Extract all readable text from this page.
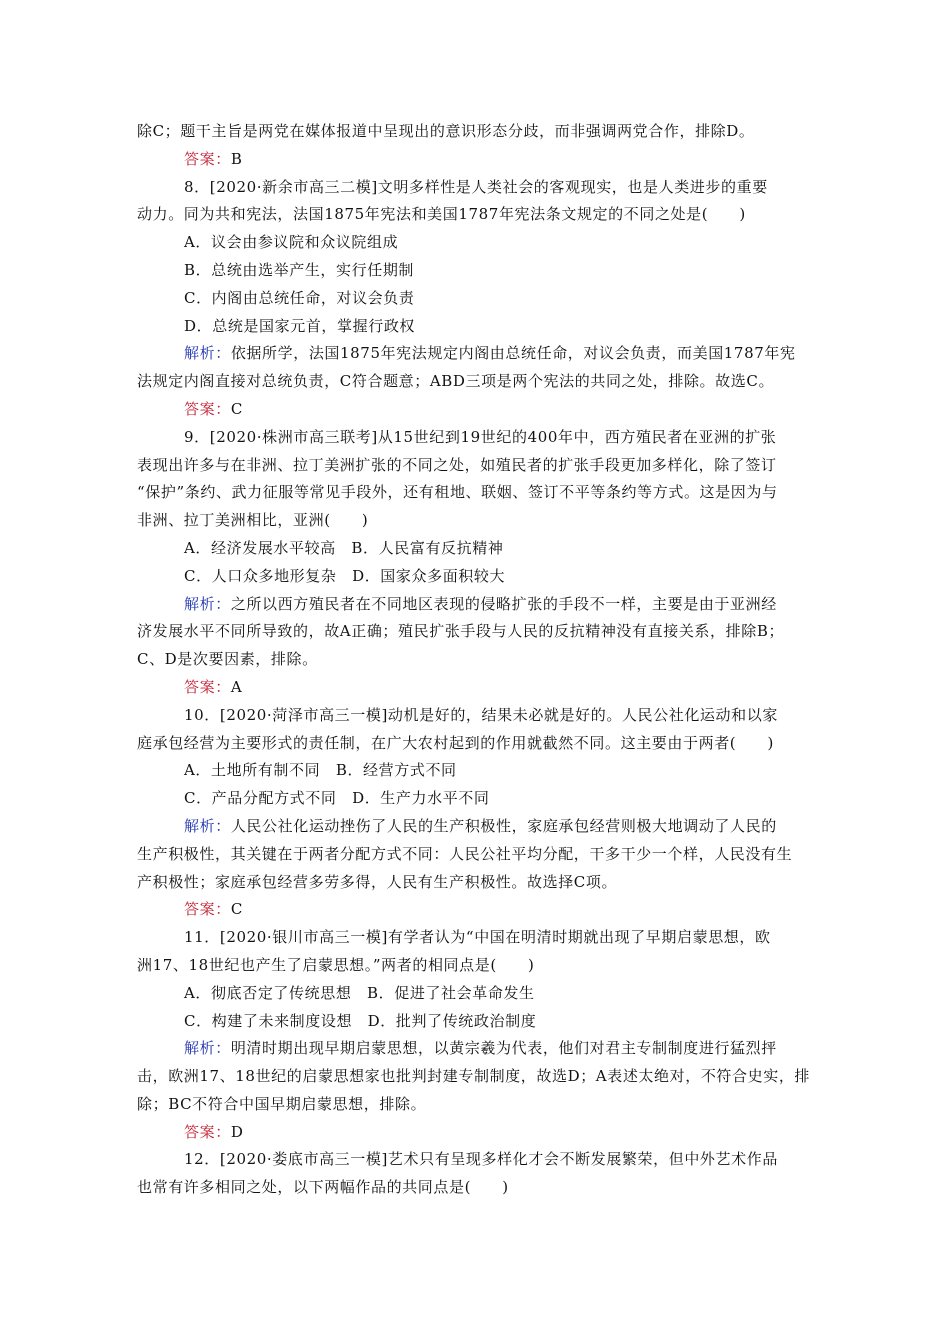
除C；题干主旨是两党在媒体报道中呈现出的意识形态分歧，而非强调两党合作，排除D。
答案：B
8．[2020·新余市高三二模]文明多样性是人类社会的客观现实，也是人类进步的重要
动力。同为共和宪法，法国1875年宪法和美国1787年宪法条文规定的不同之处是(　　)
A．议会由参议院和众议院组成
B．总统由选举产生，实行任期制
C．内阁由总统任命，对议会负责
D．总统是国家元首，掌握行政权
解析：依据所学，法国1875年宪法规定内阁由总统任命，对议会负责，而美国1787年宪
法规定内阁直接对总统负责，C符合题意；ABD三项是两个宪法的共同之处，排除。故选C。
答案：C
9．[2020·株洲市高三联考]从15世纪到19世纪的400年中，西方殖民者在亚洲的扩张
表现出许多与在非洲、拉丁美洲扩张的不同之处，如殖民者的扩张手段更加多样化，除了签订
“保护”条约、武力征服等常见手段外，还有租地、联姻、签订不平等条约等方式。这是因为与
非洲、拉丁美洲相比，亚洲(　　)
A．经济发展水平较高　B．人民富有反抗精神
C．人口众多地形复杂　D．国家众多面积较大
解析：之所以西方殖民者在不同地区表现的侵略扩张的手段不一样，主要是由于亚洲经
济发展水平不同所导致的，故A正确；殖民扩张手段与人民的反抗精神没有直接关系，排除B；
C、D是次要因素，排除。
答案：A
10．[2020·菏泽市高三一模]动机是好的，结果未必就是好的。人民公社化运动和以家
庭承包经营为主要形式的责任制，在广大农村起到的作用就截然不同。这主要由于两者(　　)
A．土地所有制不同　B．经营方式不同
C．产品分配方式不同　D．生产力水平不同
解析：人民公社化运动挫伤了人民的生产积极性，家庭承包经营则极大地调动了人民的
生产积极性，其关键在于两者分配方式不同：人民公社平均分配，干多干少一个样，人民没有生
产积极性；家庭承包经营多劳多得，人民有生产积极性。故选择C项。
答案：C
11．[2020·银川市高三一模]有学者认为“中国在明清时期就出现了早期启蒙思想，欧
洲17、18世纪也产生了启蒙思想。”两者的相同点是(　　)
A．彻底否定了传统思想　B．促进了社会革命发生
C．构建了未来制度设想　D．批判了传统政治制度
解析：明清时期出现早期启蒙思想，以黄宗羲为代表，他们对君主专制制度进行猛烈抨
击，欧洲17、18世纪的启蒙思想家也批判封建专制制度，故选D；A表述太绝对，不符合史实，排
除；BC不符合中国早期启蒙思想，排除。
答案：D
12．[2020·娄底市高三一模]艺术只有呈现多样化才会不断发展繁荣，但中外艺术作品
也常有许多相同之处，以下两幅作品的共同点是(　　)
